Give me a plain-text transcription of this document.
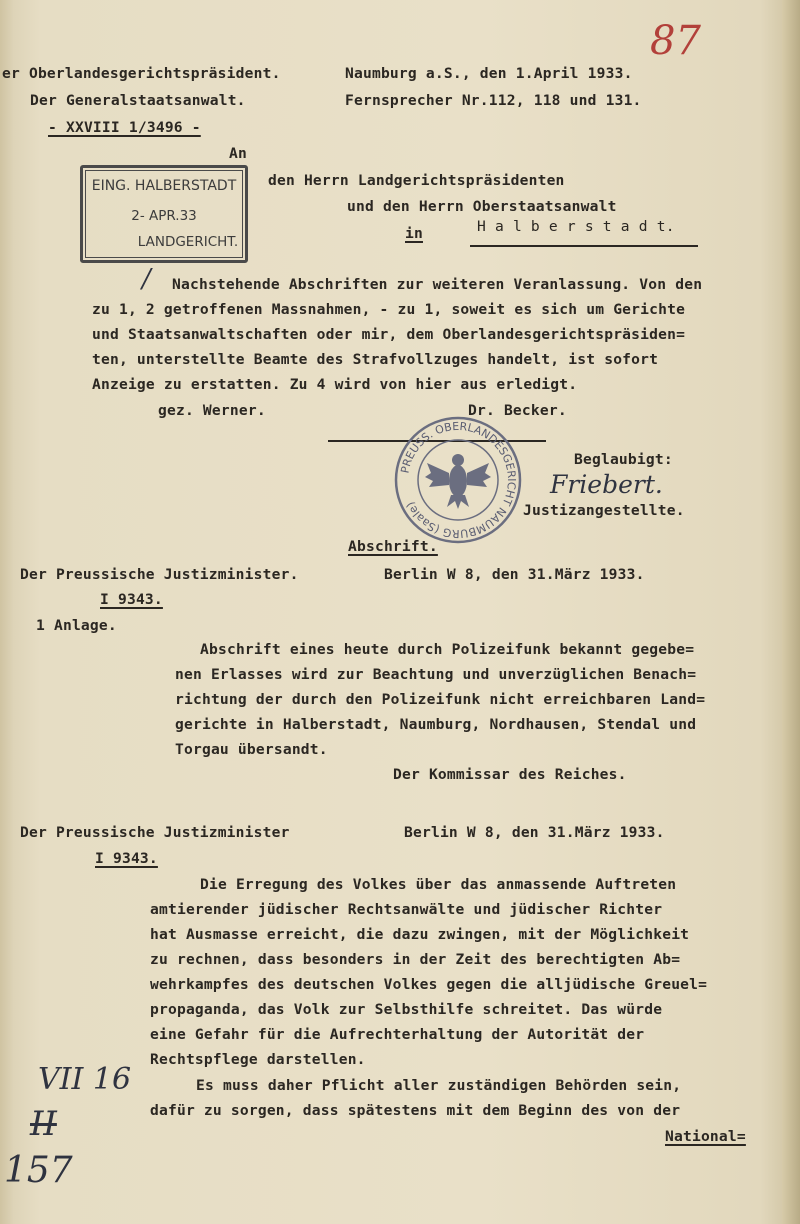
87
er Oberlandesgerichtspräsident.	Naumburg a.S., den 1.April 1933.
Der Generalstaatsanwalt.	Fernsprecher Nr.112, 118 und 131.
- XXVIII 1/3496 -
EING. HALBERSTADT
2- APR.33
LANDGERICHT.
An
den Herrn Landgerichtspräsidenten
und den Herrn Oberstaatsanwalt
in	H a l b e r s t a d t.
/ Nachstehende Abschriften zur weiteren Veranlassung. Von den
zu 1, 2 getroffenen Massnahmen, - zu 1, soweit es sich um Gerichte
und Staatsanwaltschaften oder mir, dem Oberlandesgerichtspräsiden=
ten, unterstellte Beamte des Strafvollzuges handelt, ist sofort
Anzeige zu erstatten. Zu 4 wird von hier aus erledigt.
gez. Werner.	Dr. Becker.
PREUSS. OBERLANDESGERICHT NAUMBURG (Saale)
Beglaubigt:
Friebert.
Justizangestellte.
Abschrift.
Der Preussische Justizminister.	Berlin W 8, den 31.März 1933.
I 9343.
1 Anlage.
Abschrift eines heute durch Polizeifunk bekannt gegebe=
nen Erlasses wird zur Beachtung und unverzüglichen Benach=
richtung der durch den Polizeifunk nicht erreichbaren Land=
gerichte in Halberstadt, Naumburg, Nordhausen, Stendal und
Torgau übersandt.
Der Kommissar des Reiches.
Der Preussische Justizminister	Berlin W 8, den 31.März 1933.
I 9343.
Die Erregung des Volkes über das anmassende Auftreten
amtierender jüdischer Rechtsanwälte und jüdischer Richter
hat Ausmasse erreicht, die dazu zwingen, mit der Möglichkeit
zu rechnen, dass besonders in der Zeit des berechtigten Ab=
wehrkampfes des deutschen Volkes gegen die alljüdische Greuel=
propaganda, das Volk zur Selbsthilfe schreitet. Das würde
eine Gefahr für die Aufrechterhaltung der Autorität der
Rechtspflege darstellen.
Es muss daher Pflicht aller zuständigen Behörden sein,
dafür zu sorgen, dass spätestens mit dem Beginn des von der
National=
VII 16
II
157
